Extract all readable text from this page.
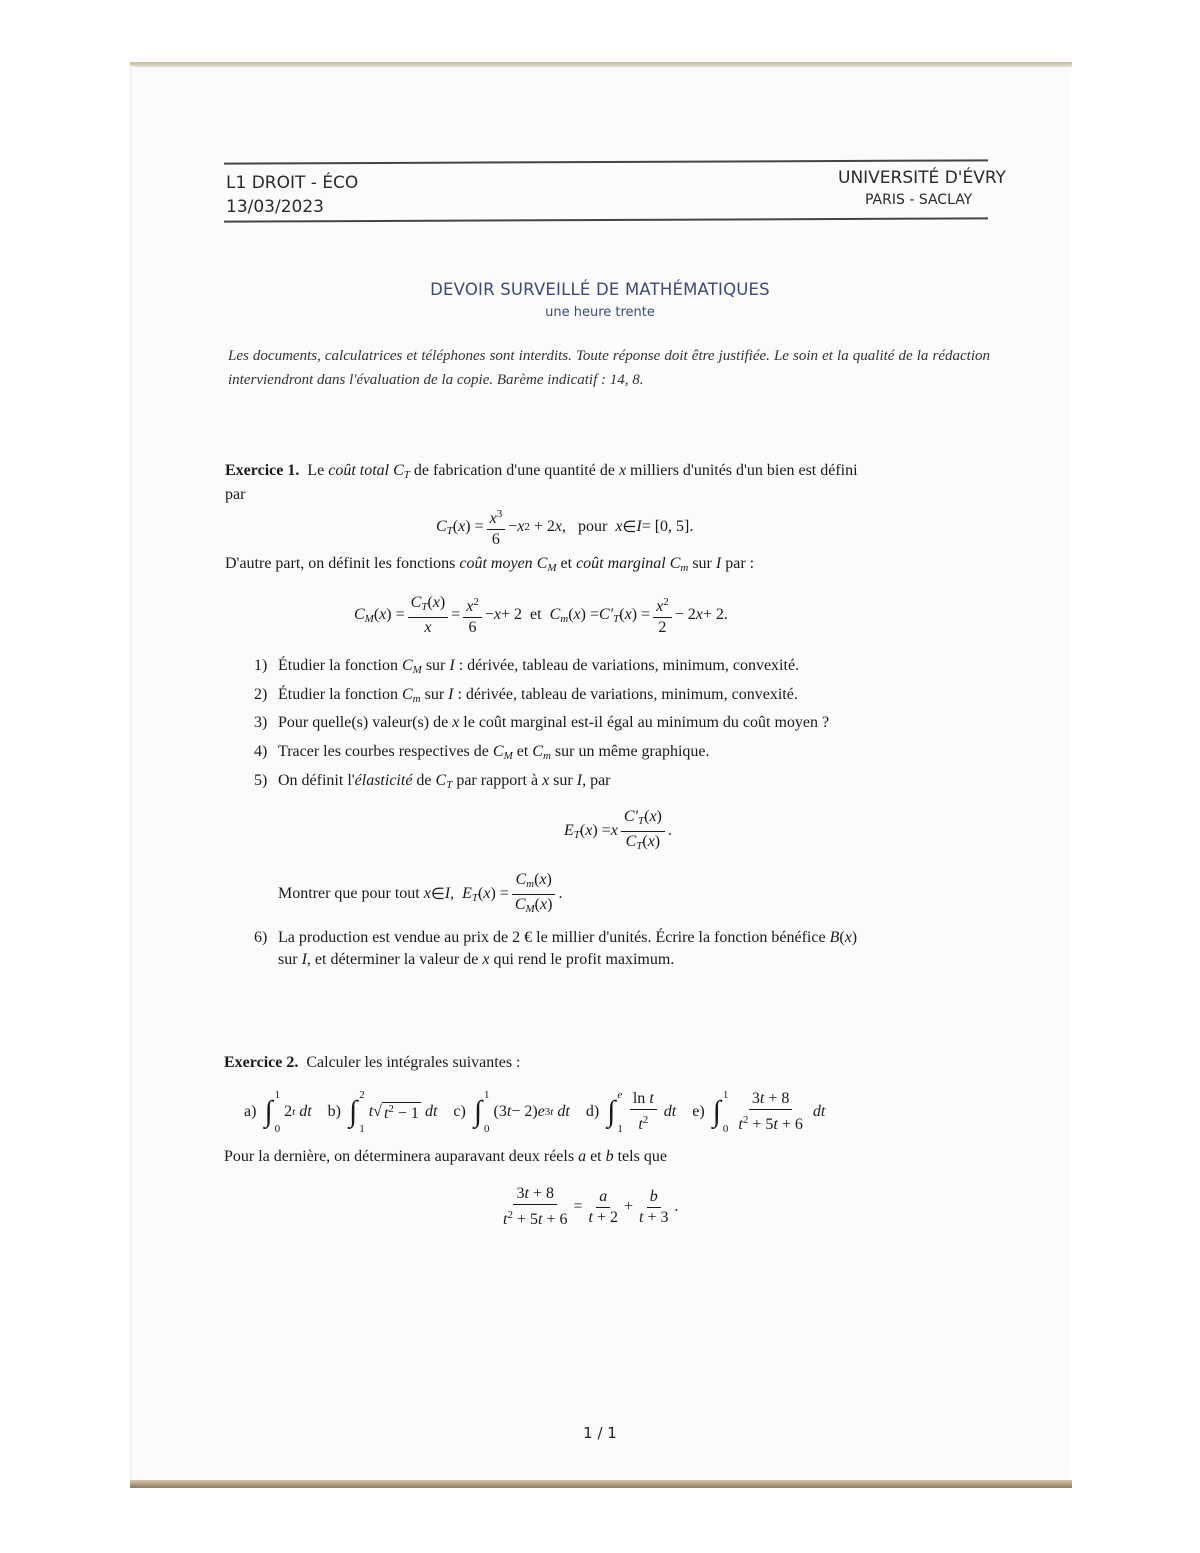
L1 DROIT - ÉCO
13/03/2023
UNIVERSITÉ D'ÉVRY
PARIS - SACLAY
DEVOIR SURVEILLÉ DE MATHÉMATIQUES
une heure trente
Les documents, calculatrices et téléphones sont interdits. Toute réponse doit être justifiée. Le soin et la qualité de la rédaction interviendront dans l'évaluation de la copie. Barème indicatif : 14, 8.
Exercice 1. Le coût total $C_T$ de fabrication d'une quantité de x milliers d'unités d'un bien est défini
par
$C_T$ ( x ) = $\frac{x^3}{6} - x$ 2 + 2 x , pour
x ∈ I = [0, 5].
D'autre part, on définit les fonctions coût moyen $C_M$ et coût marginal $C_m$ sur I par :
$C_M$ ( x ) = $\frac{C_T(x)}{x} = \frac{x^2}{6} - x + 2$ et
$C_m$ ( x ) = $C'_T$ ( x ) = $\frac{x^2}{2} - 2$ x + 2.
1) Étudier la fonction $C_M$ sur I : dérivée, tableau de variations, minimum, convexité.
2) Étudier la fonction $C_m$ sur I : dérivée, tableau de variations, minimum, convexité.
3) Pour quelle(s) valeur(s) de x le coût marginal est-il égal au minimum du coût moyen ?
4) Tracer les courbes respectives de $C_M$ et $C_m$ sur un même graphique.
5) On définit l'élasticité de $C_T$ par rapport à x sur I, par
$E_T$ ( x ) = x $\frac{C'_T(x)}{C_T(x)}$ .
Montrer que pour tout
x ∈ I , $E_T$ ( x ) = $\frac{C_m(x)}{C_M(x)}$ .
6) La production est vendue au prix de 2 € le millier d'unités. Écrire la fonction bénéfice B(x)
sur I, et déterminer la valeur de x qui rend le profit maximum.
Exercice 2. Calculer les intégrales suivantes :
a)
∫ 1
0
2 t
dt
b)
∫ 2
1
t √ $t^2 - 1$
dt
c)
∫ 1
0
(3 t − 2) e 3t
dt
d)
∫ e
$1 \frac{\text{ln t}}{t^2}$
dt
e)
∫ 1
$0 \frac{3t + 8}{t^2 + 5t + 6}$
dt
Pour la dernière, on déterminera auparavant deux réels a et b tels que
$\frac{3t + 8}{t^2 + 5t + 6} = \frac{a}{t + 2} + \frac{b}{t + 3}$ .
1 / 1
